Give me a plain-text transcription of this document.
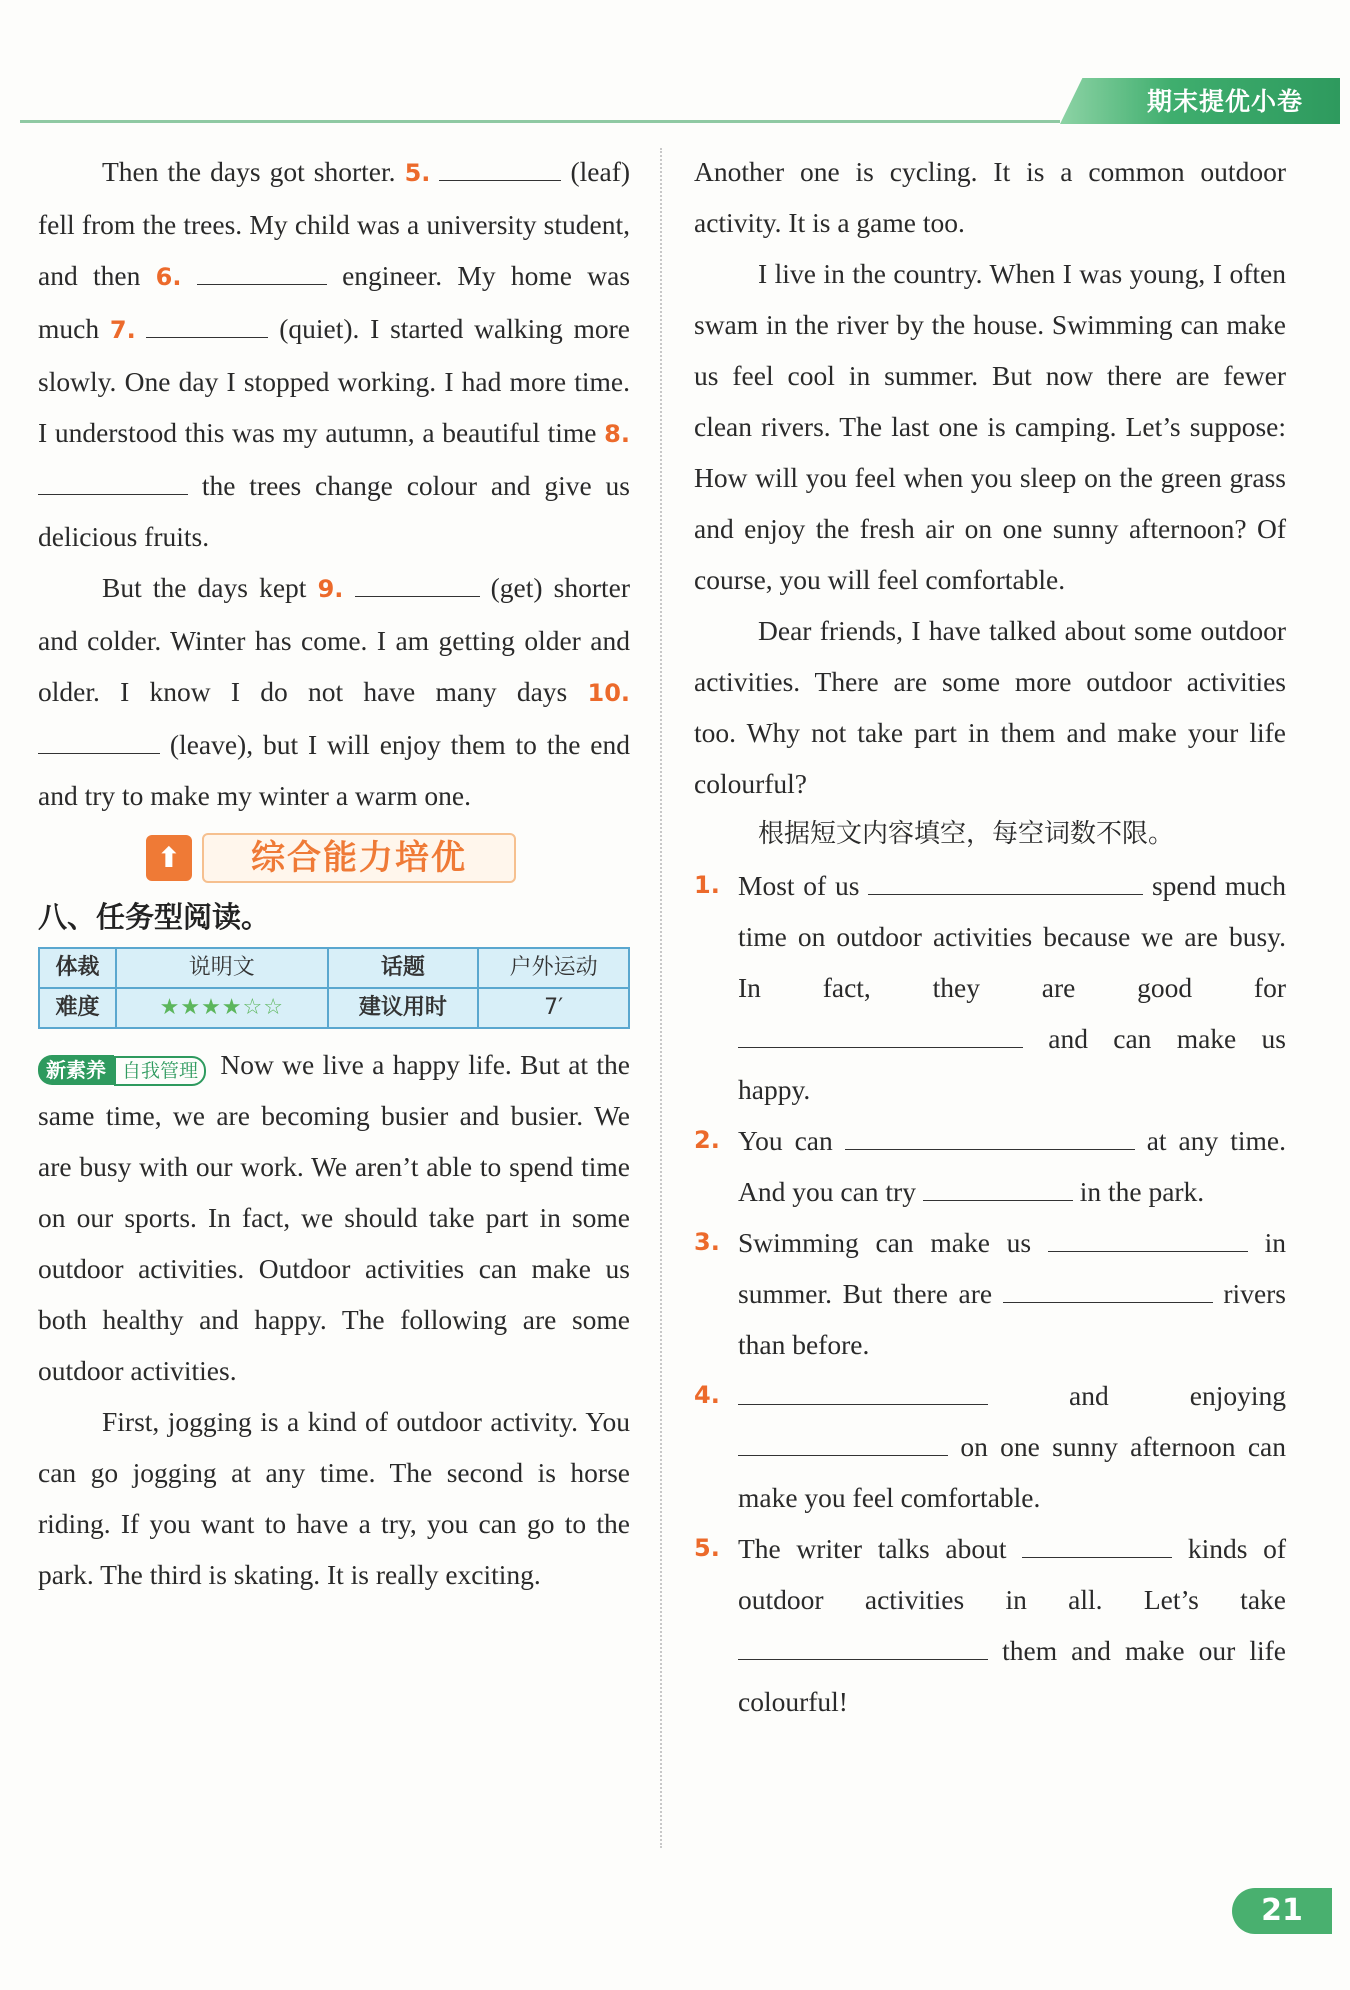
期末提优小卷

Then the days got shorter. 5.	(leaf) fell from the trees. My child was a university student, and then 6.	engineer. My home was much 7.	(quiet). I started walking more slowly. One day I stopped working. I had more time. I understood this was my autumn, a beautiful time 8.  the trees change colour and give us delicious fruits.

But the days kept 9.	(get) shorter and colder. Winter has come. I am getting older and older. I know I do not have many days 10.  (leave), but I will enjoy them to the end and try to make my winter a warm one.

⬆	综合能力培优

八、任务型阅读。

体裁	说明文	话题	户外运动
难度	★★★★☆☆	建议用时	7′

新素养 自我管理 Now we live a happy life. But at the same time, we are becoming busier and busier. We are busy with our work. We aren’t able to spend time on our sports. In fact, we should take part in some outdoor activities. Outdoor activities can make us both healthy and happy. The following are some outdoor activities.

First, jogging is a kind of outdoor activity. You can go jogging at any time. The second is horse riding. If you want to have a try, you can go to the park. The third is skating. It is really exciting.

Another one is cycling. It is a common outdoor activity. It is a game too.

I live in the country. When I was young, I often swam in the river by the house. Swimming can make us feel cool in summer. But now there are fewer clean rivers. The last one is camping. Let’s suppose: How will you feel when you sleep on the green grass and enjoy the fresh air on one sunny afternoon? Of course, you will feel comfortable.

Dear friends, I have talked about some outdoor activities. There are some more outdoor activities too. Why not take part in them and make your life colourful?

根据短文内容填空，每空词数不限。

1. Most of us	spend much time on outdoor activities because we are busy. In fact, they are good for  and can make us happy.

2. You can	at any time. And you can try	in the park.

3. Swimming can make us	in summer. But there are	rivers than before.

4.	and enjoying  on one sunny afternoon can make you feel comfortable.

5. The writer talks about	kinds of outdoor activities in all. Let’s take  them and make our life colourful!

21
